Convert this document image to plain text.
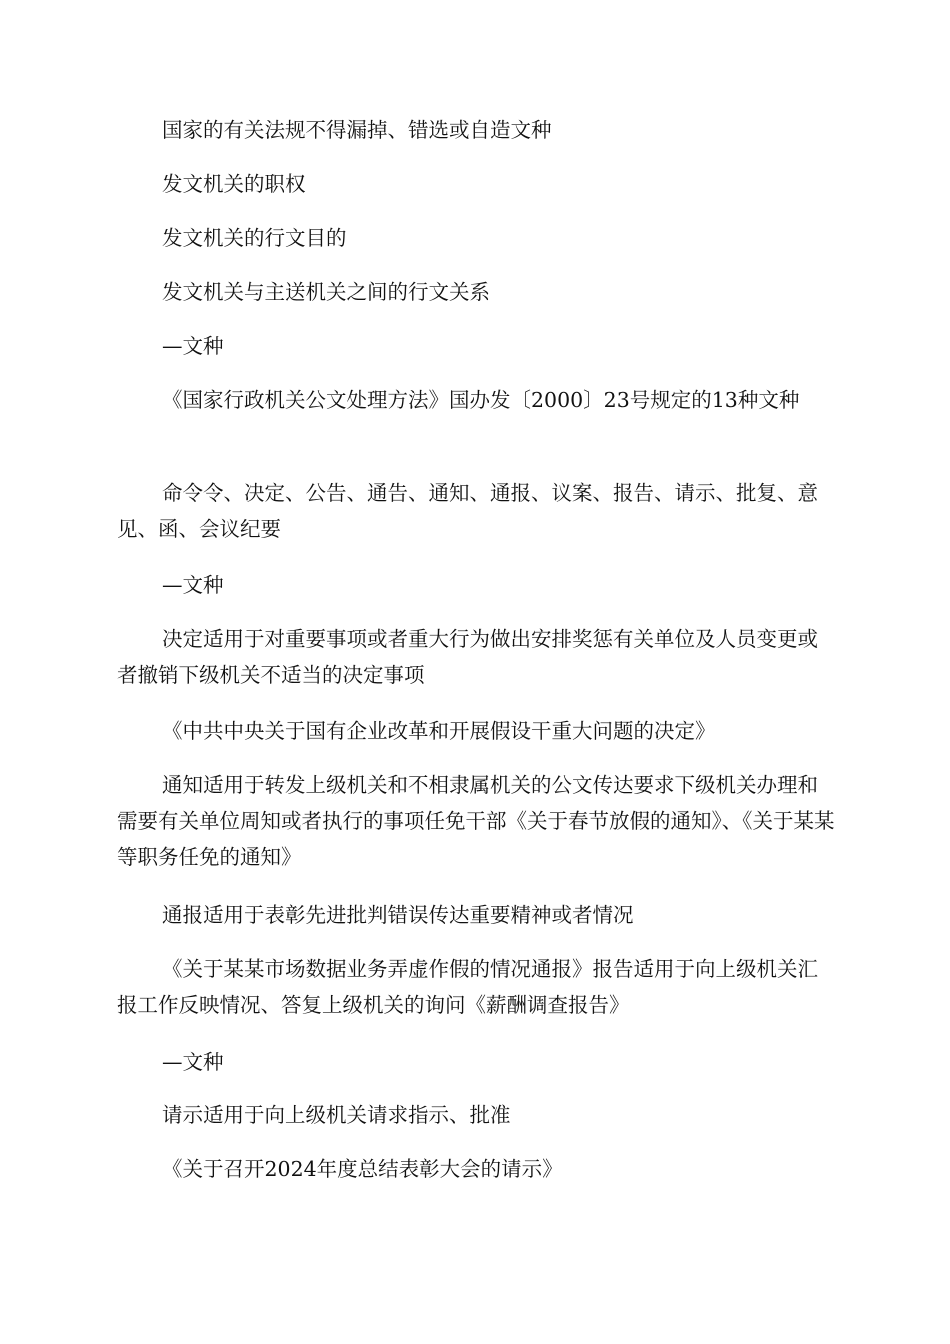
国家的有关法规不得漏掉、错选或自造文种

发文机关的职权

发文机关的行文目的

发文机关与主送机关之间的行文关系

—文种

《国家行政机关公文处理方法》国办发〔2000〕23号规定的13种文种

命令令、决定、公告、通告、通知、通报、议案、报告、请示、批复、意见、函、会议纪要

—文种

决定适用于对重要事项或者重大行为做出安排奖惩有关单位及人员变更或者撤销下级机关不适当的决定事项

《中共中央关于国有企业改革和开展假设干重大问题的决定》

通知适用于转发上级机关和不相隶属机关的公文传达要求下级机关办理和需要有关单位周知或者执行的事项任免干部《关于春节放假的通知》、《关于某某等职务任免的通知》

通报适用于表彰先进批判错误传达重要精神或者情况

《关于某某市场数据业务弄虚作假的情况通报》报告适用于向上级机关汇报工作反映情况、答复上级机关的询问《薪酬调查报告》

—文种

请示适用于向上级机关请求指示、批准

《关于召开2024年度总结表彰大会的请示》
